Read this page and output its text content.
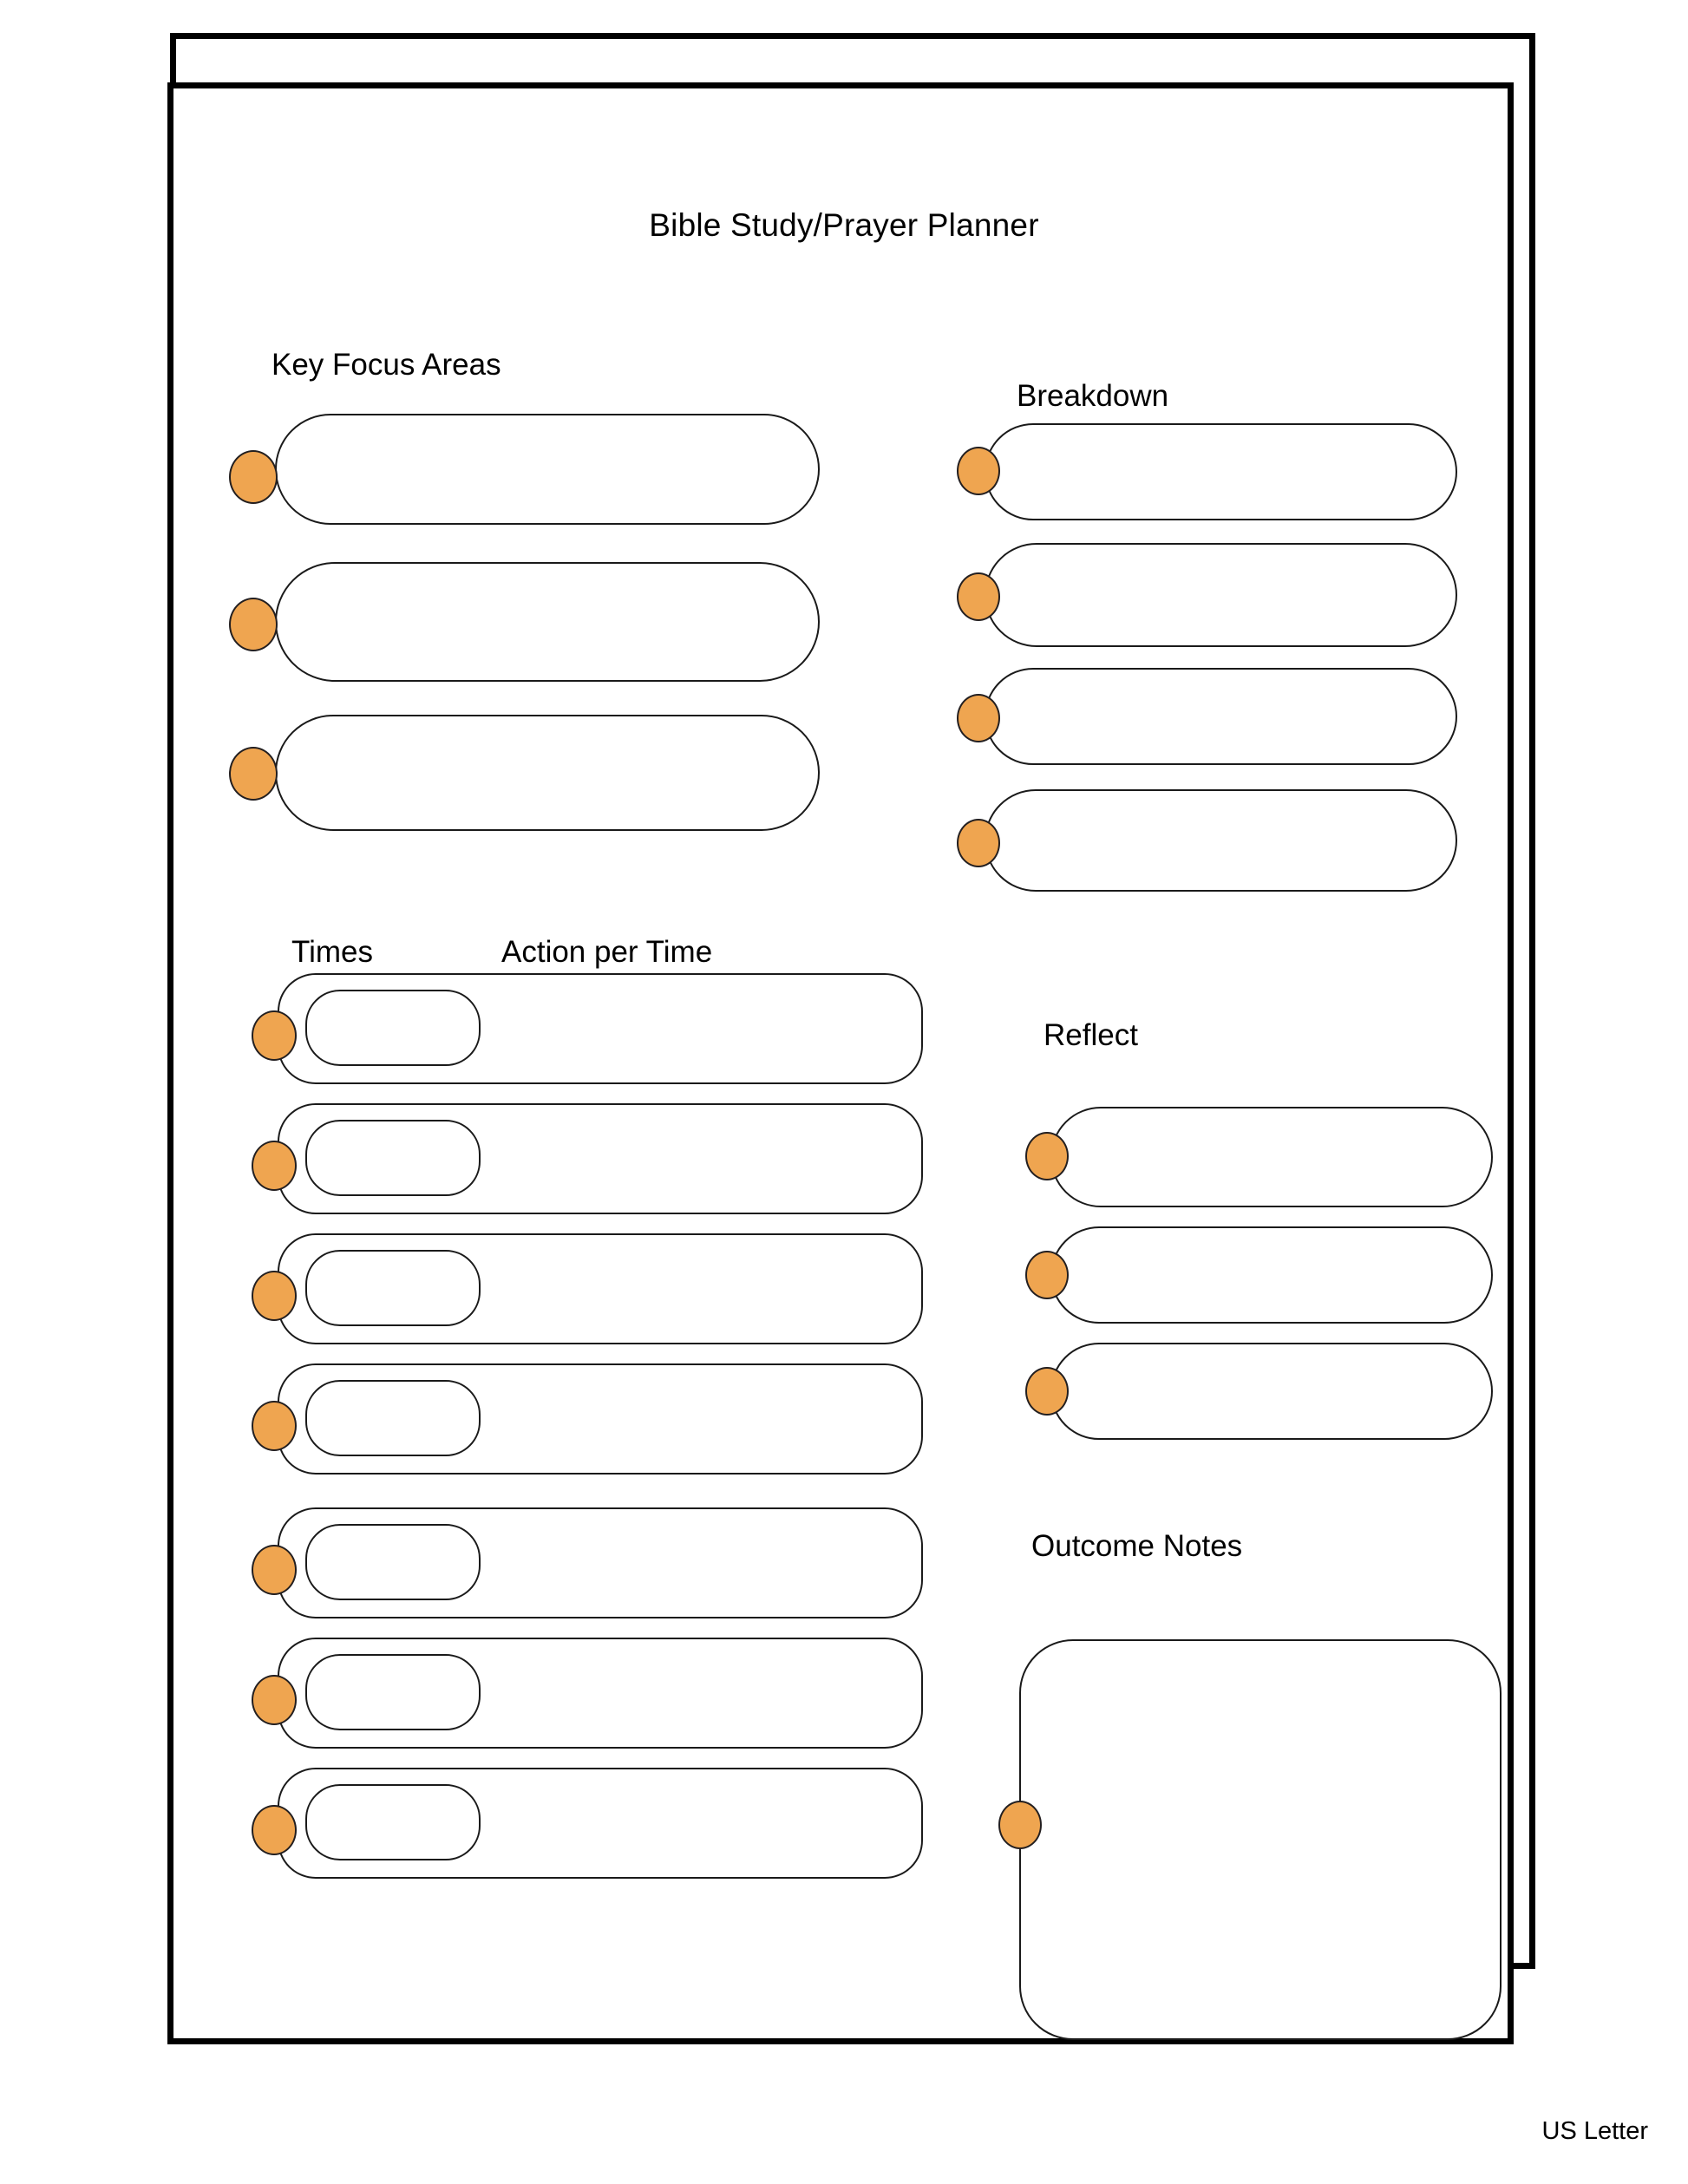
Bible Study/Prayer Planner
Key Focus Areas
Breakdown
Times	Action per Time
Reflect
Outcome Notes
US Letter
